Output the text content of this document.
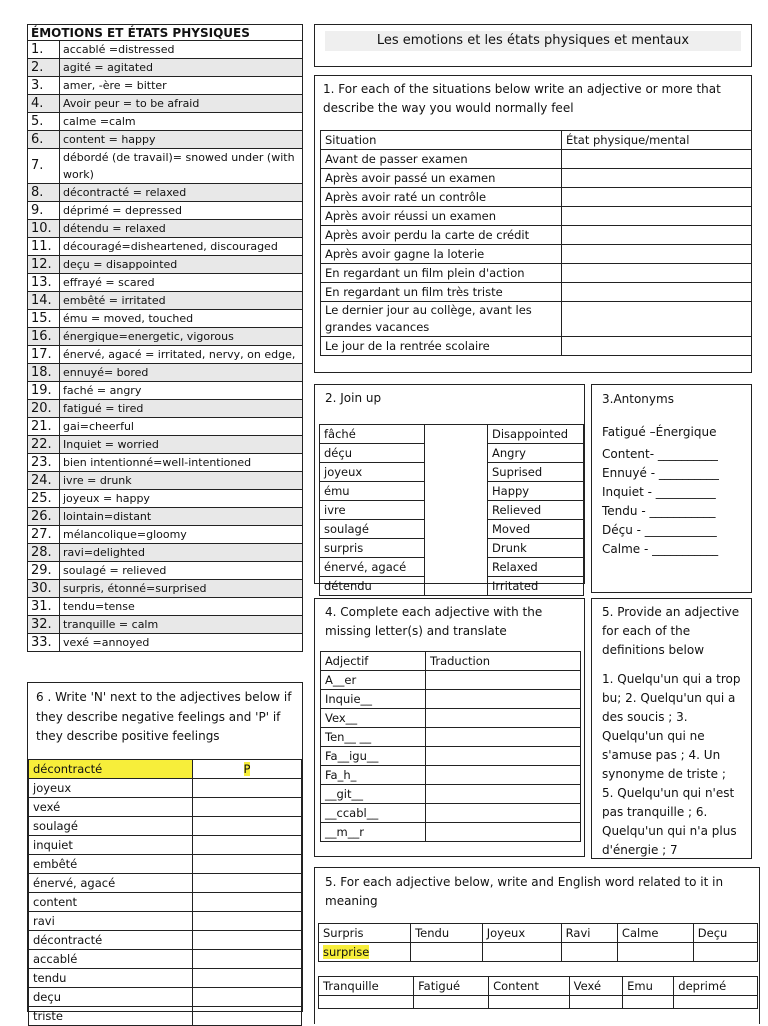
ÉMOTIONS ET ÉTATS PHYSIQUES	
1.	accablé =distressed
2.	agité = agitated
3.	amer, -ère = bitter
4.	Avoir peur = to be afraid
5.	calme =calm
6.	content = happy
7.	débordé (de travail)= snowed under (with work)
8.	décontracté = relaxed
9.	déprimé = depressed
10.	détendu = relaxed
11.	découragé=disheartened, discouraged
12.	deçu = disappointed
13.	effrayé = scared
14.	embêté = irritated
15.	ému = moved, touched
16.	énergique=energetic, vigorous
17.	énervé, agacé = irritated, nervy, on edge,
18.	ennuyé= bored
19.	faché = angry
20.	fatigué = tired
21.	gai=cheerful
22.	Inquiet = worried
23.	bien intentionné=well-intentioned
24.	ivre = drunk
25.	joyeux = happy
26.	lointain=distant
27.	mélancolique=gloomy
28.	ravi=delighted
29.	soulagé = relieved
30.	surpris, étonné=surprised
31.	tendu=tense
32.	tranquille = calm
33.	vexé =annoyed
Les emotions et les états physiques et mentaux
1. For each of the situations below write an adjective or more that describe the way you would normally feel
Situation	État physique/mental
Avant de passer examen	
Après avoir passé un examen	
Après avoir raté un contrôle	
Après avoir réussi un examen	
Après avoir perdu la carte de crédit	
Après avoir gagne la loterie	
En regardant un film plein d'action	
En regardant un film très triste	
Le dernier jour au collège, avant les grandes vacances	
Le jour de la rentrée scolaire	
2. Join up
fâché		Disappointed
déçu		Angry
joyeux		Suprised
ému		Happy
ivre		Relieved
soulagé		Moved
surpris		Drunk
énervé, agacé		Relaxed
détendu		Irritated
3.Antonyms
Fatigué –Énergique
Content- __________
Ennuyé - __________
Inquiet - __________
Tendu - ___________
Déçu - ____________
Calme - ___________
4. Complete each adjective with the missing letter(s) and translate
Adjectif	Traduction
A__er	
Inquie__	
Vex__	
Ten__ __	
Fa__igu__	
Fa_h_	
__git__	
__ccabl__	
__m__r	
5. Provide an adjective for each of the definitions below
1. Quelqu'un qui a trop bu; 2. Quelqu'un qui a des soucis ; 3. Quelqu'un qui ne s'amuse pas ; 4. Un synonyme de triste ; 5. Quelqu'un qui n'est pas tranquille ; 6. Quelqu'un qui n'a plus d'énergie ; 7
5. For each adjective below, write and English word related to it in meaning
Surpris	Tendu	Joyeux	Ravi	Calme	Deçu
surprise					
Tranquille	Fatigué	Content	Vexé	Emu	deprimé

6 . Write 'N' next to the adjectives below if they describe negative feelings and 'P' if they describe positive feelings
décontracté	P
joyeux	
vexé	
soulagé	
inquiet	
embêté	
énervé, agacé	
content	
ravi	
décontracté	
accablé	
tendu	
deçu	
triste	
